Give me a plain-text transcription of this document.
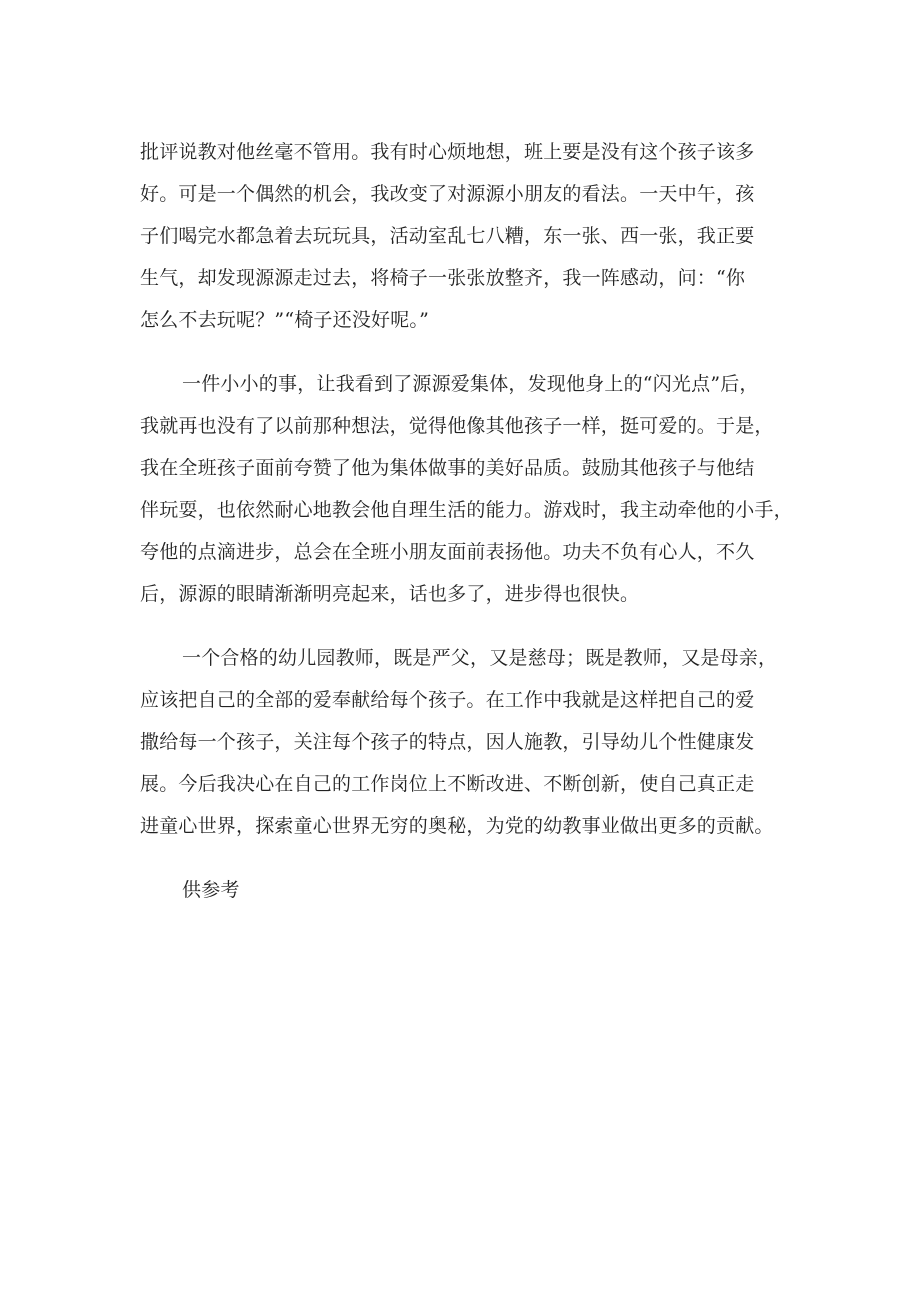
批评说教对他丝毫不管用。我有时心烦地想，班上要是没有这个孩子该多
好。可是一个偶然的机会，我改变了对源源小朋友的看法。一天中午，孩
子们喝完水都急着去玩玩具，活动室乱七八糟，东一张、西一张，我正要
生气，却发现源源走过去，将椅子一张张放整齐，我一阵感动，问：“你
怎么不去玩呢？”“椅子还没好呢。”
一件小小的事，让我看到了源源爱集体，发现他身上的“闪光点”后，
我就再也没有了以前那种想法，觉得他像其他孩子一样，挺可爱的。于是，
我在全班孩子面前夸赞了他为集体做事的美好品质。鼓励其他孩子与他结
伴玩耍，也依然耐心地教会他自理生活的能力。游戏时，我主动牵他的小手，
夸他的点滴进步，总会在全班小朋友面前表扬他。功夫不负有心人，不久
后，源源的眼睛渐渐明亮起来，话也多了，进步得也很快。
一个合格的幼儿园教师，既是严父，又是慈母；既是教师，又是母亲，
应该把自己的全部的爱奉献给每个孩子。在工作中我就是这样把自己的爱
撒给每一个孩子，关注每个孩子的特点，因人施教，引导幼儿个性健康发
展。今后我决心在自己的工作岗位上不断改进、不断创新，使自己真正走
进童心世界，探索童心世界无穷的奥秘，为党的幼教事业做出更多的贡献。
供参考
